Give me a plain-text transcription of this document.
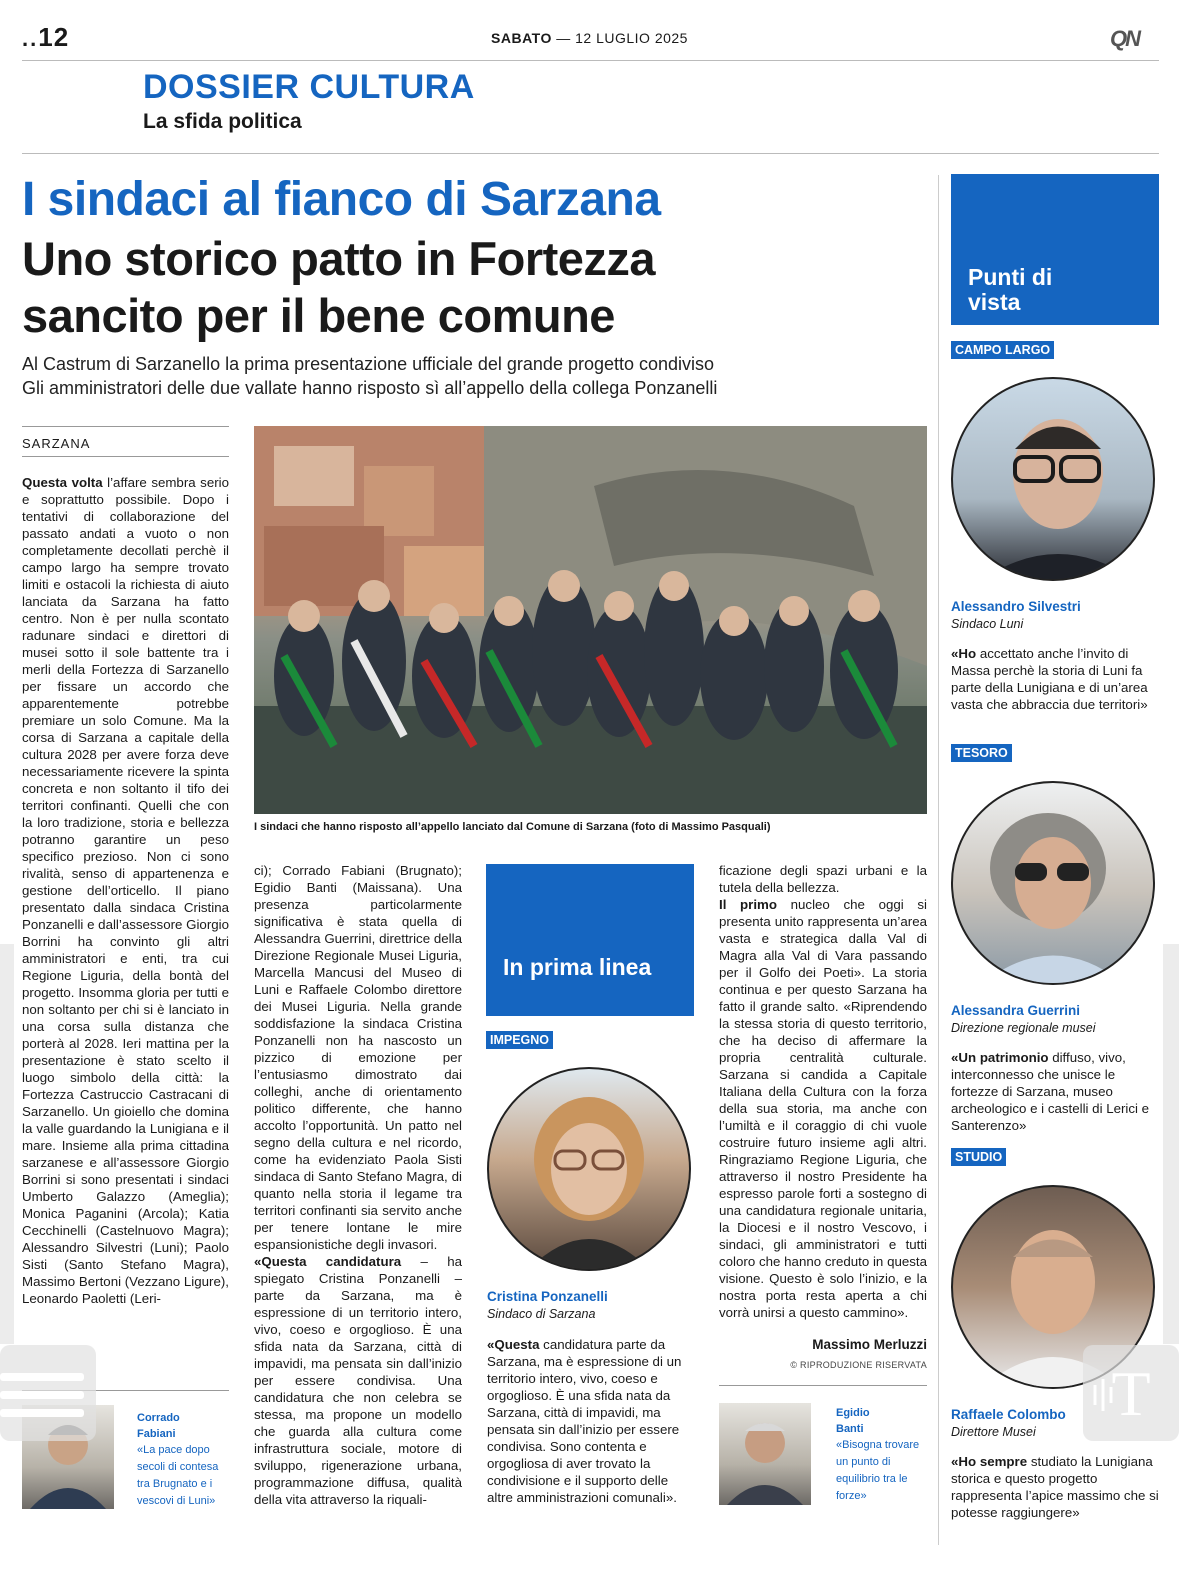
..12	SABATO — 12 LUGLIO 2025	QN
DOSSIER CULTURA
La sfida politica
I sindaci al fianco di Sarzana
Uno storico patto in Fortezza
sancito per il bene comune
Al Castrum di Sarzanello la prima presentazione ufficiale del grande progetto condiviso
Gli amministratori delle due vallate hanno risposto sì all’appello della collega Ponzanelli
SARZANA
Questa volta l’affare sembra serio e soprattutto possibile. Dopo i tentativi di collaborazione del passato andati a vuoto o non completamente decollati perchè il campo largo ha sempre trovato limiti e ostacoli la richiesta di aiuto lanciata da Sarzana ha fatto centro. Non è per nulla scontato radunare sindaci e direttori di musei sotto il sole battente tra i merli della Fortezza di Sarzanello per fissare un accordo che apparentemente potrebbe premiare un solo Comune. Ma la corsa di Sarzana a capitale della cultura 2028 per avere forza deve necessariamente ricevere la spinta concreta e non soltanto il tifo dei territori confinanti. Quelli che con la loro tradizione, storia e bellezza potranno garantire un peso specifico prezioso. Non ci sono rivalità, senso di appartenenza e gestione dell’orticello. Il piano presentato dalla sindaca Cristina Ponzanelli e dall’assessore Giorgio Borrini ha convinto gli altri amministratori e enti, tra cui Regione Liguria, della bontà del progetto. Insomma gloria per tutti e non soltanto per chi si è lanciato in una corsa sulla distanza che porterà al 2028. Ieri mattina per la presentazione è stato scelto il luogo simbolo della città: la Fortezza Castruccio Castracani di Sarzanello. Un gioiello che domina la valle guardando la Lunigiana e il mare. Insieme alla prima cittadina sarzanese e all’assessore Giorgio Borrini si sono presentati i sindaci Umberto Galazzo (Ameglia); Monica Paganini (Arcola); Katia Cecchinelli (Castelnuovo Magra); Alessandro Silvestri (Luni); Paolo Sisti (Santo Stefano Magra), Massimo Bertoni (Vezzano Ligure), Leonardo Paoletti (Leri-
I sindaci che hanno risposto all’appello lanciato dal Comune di Sarzana (foto di Massimo Pasquali)
ci); Corrado Fabiani (Brugnato); Egidio Banti (Maissana). Una presenza particolarmente significativa è stata quella di Alessandra Guerrini, direttrice della Direzione Regionale Musei Liguria, Marcella Mancusi del Museo di Luni e Raffaele Colombo direttore dei Musei Liguria. Nella grande soddisfazione la sindaca Cristina Ponzanelli non ha nascosto un pizzico di emozione per l’entusiasmo dimostrato dai colleghi, anche di orientamento politico differente, che hanno accolto l’opportunità. Un patto nel segno della cultura e nel ricordo, come ha evidenziato Paola Sisti sindaca di Santo Stefano Magra, di quanto nella storia il legame tra territori confinanti sia servito anche per tenere lontane le mire espansionistiche degli invasori.
«Questa candidatura – ha spiegato Cristina Ponzanelli – parte da Sarzana, ma è espressione di un territorio intero, vivo, coeso e orgoglioso. È una sfida nata da Sarzana, città di impavidi, ma pensata sin dall’inizio per essere condivisa. Una candidatura che non celebra se stessa, ma propone un modello che guarda alla cultura come infrastruttura sociale, motore di sviluppo, rigenerazione urbana, programmazione diffusa, qualità della vita attraverso la riquali-
In prima linea
IMPEGNO
Cristina Ponzanelli
Sindaco di Sarzana
«Questa candidatura parte da Sarzana, ma è espressione di un territorio intero, vivo, coeso e orgoglioso. È una sfida nata da Sarzana, città di impavidi, ma pensata sin dall’inizio per essere condivisa. Sono contenta e orgogliosa di aver trovato la condivisione e il supporto delle altre amministrazioni comunali».
ficazione degli spazi urbani e la tutela della bellezza.
Il primo nucleo che oggi si presenta unito rappresenta un’area vasta e strategica dalla Val di Magra alla Val di Vara passando per il Golfo dei Poeti». La storia continua e per questo Sarzana ha fatto il grande salto. «Riprendendo la stessa storia di questo territorio, che ha deciso di affermare la propria centralità culturale. Sarzana si candida a Capitale Italiana della Cultura con la forza della sua storia, ma anche con l’umiltà e il coraggio di chi vuole costruire futuro insieme agli altri. Ringraziamo Regione Liguria, che attraverso il nostro Presidente ha espresso parole forti a sostegno di una candidatura regionale unitaria, la Diocesi e il nostro Vescovo, i sindaci, gli amministratori e tutti coloro che hanno creduto in questa visione. Questo è solo l’inizio, e la nostra porta resta aperta a chi vorrà unirsi a questo cammino».
Massimo Merluzzi
© RIPRODUZIONE RISERVATA
Corrado Fabiani
«La pace dopo secoli di contesa tra Brugnato e i vescovi di Luni»
Egidio Banti
«Bisogna trovare un punto di equilibrio tra le forze»
Punti di vista
CAMPO LARGO
Alessandro Silvestri
Sindaco Luni
«Ho accettato anche l’invito di Massa perchè la storia di Luni fa parte della Lunigiana e di un’area vasta che abbraccia due territori»
TESORO
Alessandra Guerrini
Direzione regionale musei
«Un patrimonio diffuso, vivo, interconnesso che unisce le fortezze di Sarzana, museo archeologico e i castelli di Lerici e Santerenzo»
STUDIO
Raffaele Colombo
Direttore Musei
«Ho sempre studiato la Lunigiana storica e questo progetto rappresenta l’apice massimo che si potesse raggiungere»
T
